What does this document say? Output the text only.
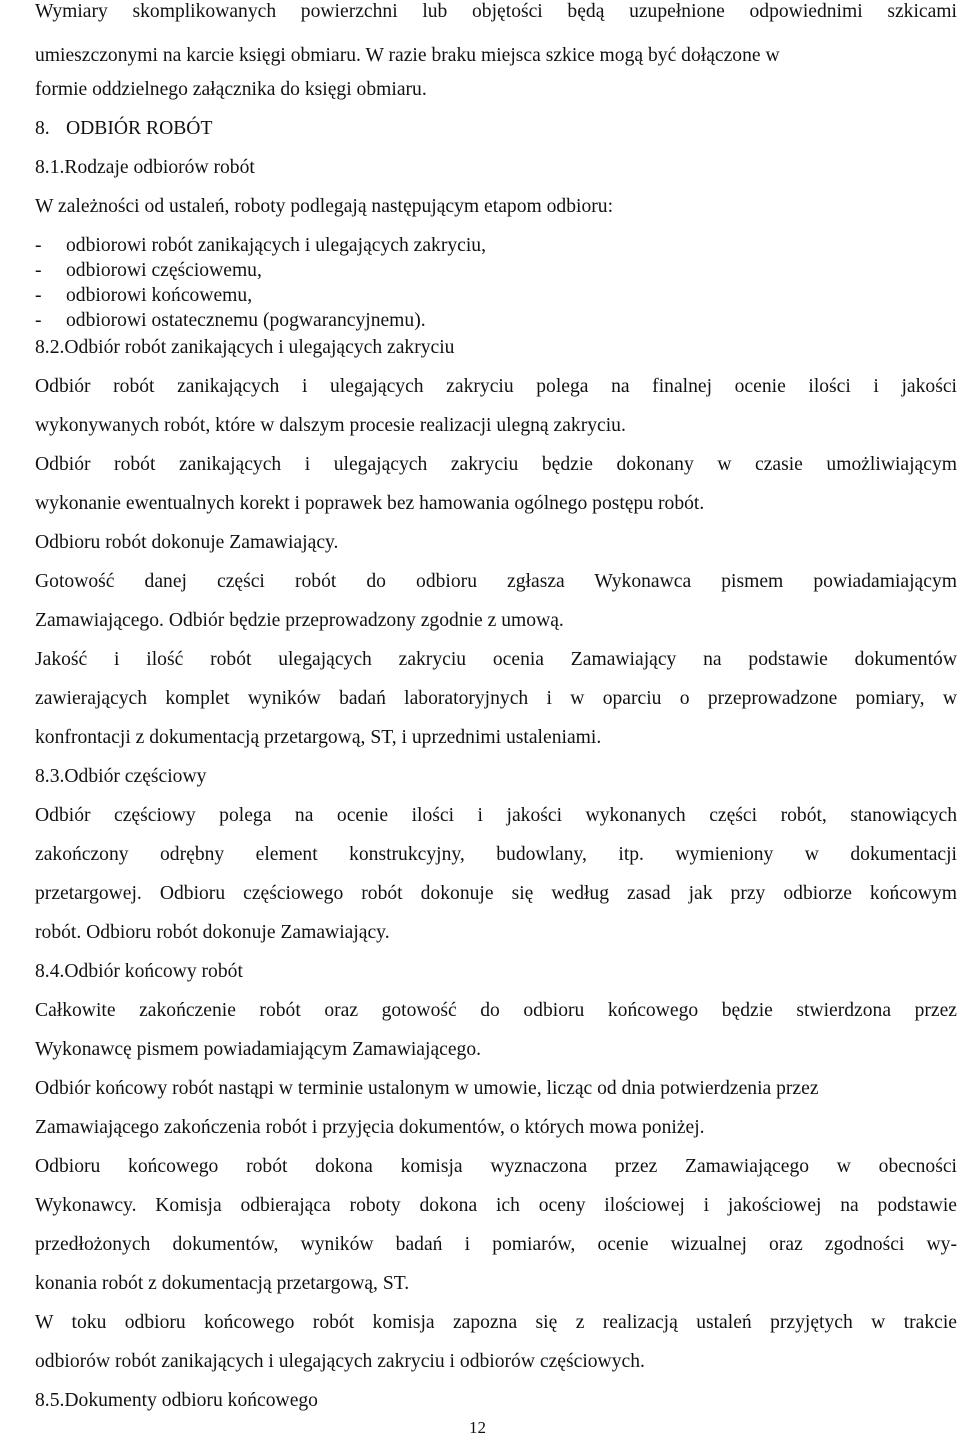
Wymiary skomplikowanych powierzchni lub objętości będą uzupełnione odpowiednimi szkicami
umieszczonymi na karcie księgi obmiaru. W razie braku miejsca szkice mogą być dołączone w
formie oddzielnego załącznika do księgi obmiaru.
8. ODBIÓR ROBÓT
8.1.Rodzaje odbiorów robót
W zależności od ustaleń, roboty podlegają następującym etapom odbioru:
- odbiorowi robót zanikających i ulegających zakryciu,
- odbiorowi częściowemu,
- odbiorowi końcowemu,
- odbiorowi ostatecznemu (pogwarancyjnemu).
8.2.Odbiór robót zanikających i ulegających zakryciu
Odbiór robót zanikających i ulegających zakryciu polega na finalnej ocenie ilości i jakości
wykonywanych robót, które w dalszym procesie realizacji ulegną zakryciu.
Odbiór robót zanikających i ulegających zakryciu będzie dokonany w czasie umożliwiającym
wykonanie ewentualnych korekt i poprawek bez hamowania ogólnego postępu robót.
Odbioru robót dokonuje Zamawiający.
Gotowość danej części robót do odbioru zgłasza Wykonawca pismem powiadamiającym
Zamawiającego. Odbiór będzie przeprowadzony zgodnie z umową.
Jakość i ilość robót ulegających zakryciu ocenia Zamawiający na podstawie dokumentów
zawierających komplet wyników badań laboratoryjnych i w oparciu o przeprowadzone pomiary, w
konfrontacji z dokumentacją przetargową, ST, i uprzednimi ustaleniami.
8.3.Odbiór częściowy
Odbiór częściowy polega na ocenie ilości i jakości wykonanych części robót, stanowiących
zakończony odrębny element konstrukcyjny, budowlany, itp. wymieniony w dokumentacji
przetargowej. Odbioru częściowego robót dokonuje się według zasad jak przy odbiorze końcowym
robót. Odbioru robót dokonuje Zamawiający.
8.4.Odbiór końcowy robót
Całkowite zakończenie robót oraz gotowość do odbioru końcowego będzie stwierdzona przez
Wykonawcę pismem powiadamiającym Zamawiającego.
Odbiór końcowy robót nastąpi w terminie ustalonym w umowie, licząc od dnia potwierdzenia przez
Zamawiającego zakończenia robót i przyjęcia dokumentów, o których mowa poniżej.
Odbioru końcowego robót dokona komisja wyznaczona przez Zamawiającego w obecności
Wykonawcy. Komisja odbierająca roboty dokona ich oceny ilościowej i jakościowej na podstawie
przedłożonych dokumentów, wyników badań i pomiarów, ocenie wizualnej oraz zgodności wy-
konania robót z dokumentacją przetargową, ST.
W toku odbioru końcowego robót komisja zapozna się z realizacją ustaleń przyjętych w trakcie
odbiorów robót zanikających i ulegających zakryciu i odbiorów częściowych.
8.5.Dokumenty odbioru końcowego
12
